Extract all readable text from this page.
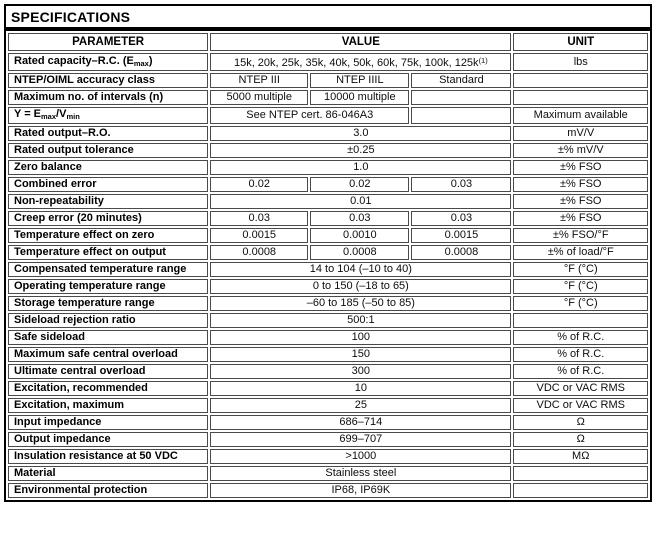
SPECIFICATIONS
PARAMETER	VALUE			UNIT
Rated capacity–R.C. $(E_{max})$	15k, 20k, 25k, 35k, 40k, 50k, 60k, 75k, 100k, $125k^{(1)}$			lbs
NTEP/OIML accuracy class	NTEP III	NTEP IIIL	Standard	
Maximum no. of intervals (n)	5000 multiple	10000 multiple		
$Y = E_{max}/V_{min}$	See NTEP cert. 86-046A3			Maximum available
Rated output–R.O.	3.0			mV/V
Rated output tolerance	±0.25			±% mV/V
Zero balance	1.0			±% FSO
Combined error	0.02	0.02	0.03	±% FSO
Non-repeatability	0.01			±% FSO
Creep error (20 minutes)	0.03	0.03	0.03	±% FSO
Temperature effect on zero	0.0015	0.0010	0.0015	±% FSO/°F
Temperature effect on output	0.0008	0.0008	0.0008	±% of load/°F
Compensated temperature range	14 to 104 (–10 to 40)			°F (°C)
Operating temperature range	0 to 150 (–18 to 65)			°F (°C)
Storage temperature range	–60 to 185 (–50 to 85)			°F (°C)
Sideload rejection ratio	500:1			
Safe sideload	100			% of R.C.
Maximum safe central overload	150			% of R.C.
Ultimate central overload	300			% of R.C.
Excitation, recommended	10			VDC or VAC RMS
Excitation, maximum	25			VDC or VAC RMS
Input impedance	686–714			Ω
Output impedance	699–707			Ω
Insulation resistance at 50 VDC	>1000			MΩ
Material	Stainless steel			
Environmental protection	IP68, IP69K			
